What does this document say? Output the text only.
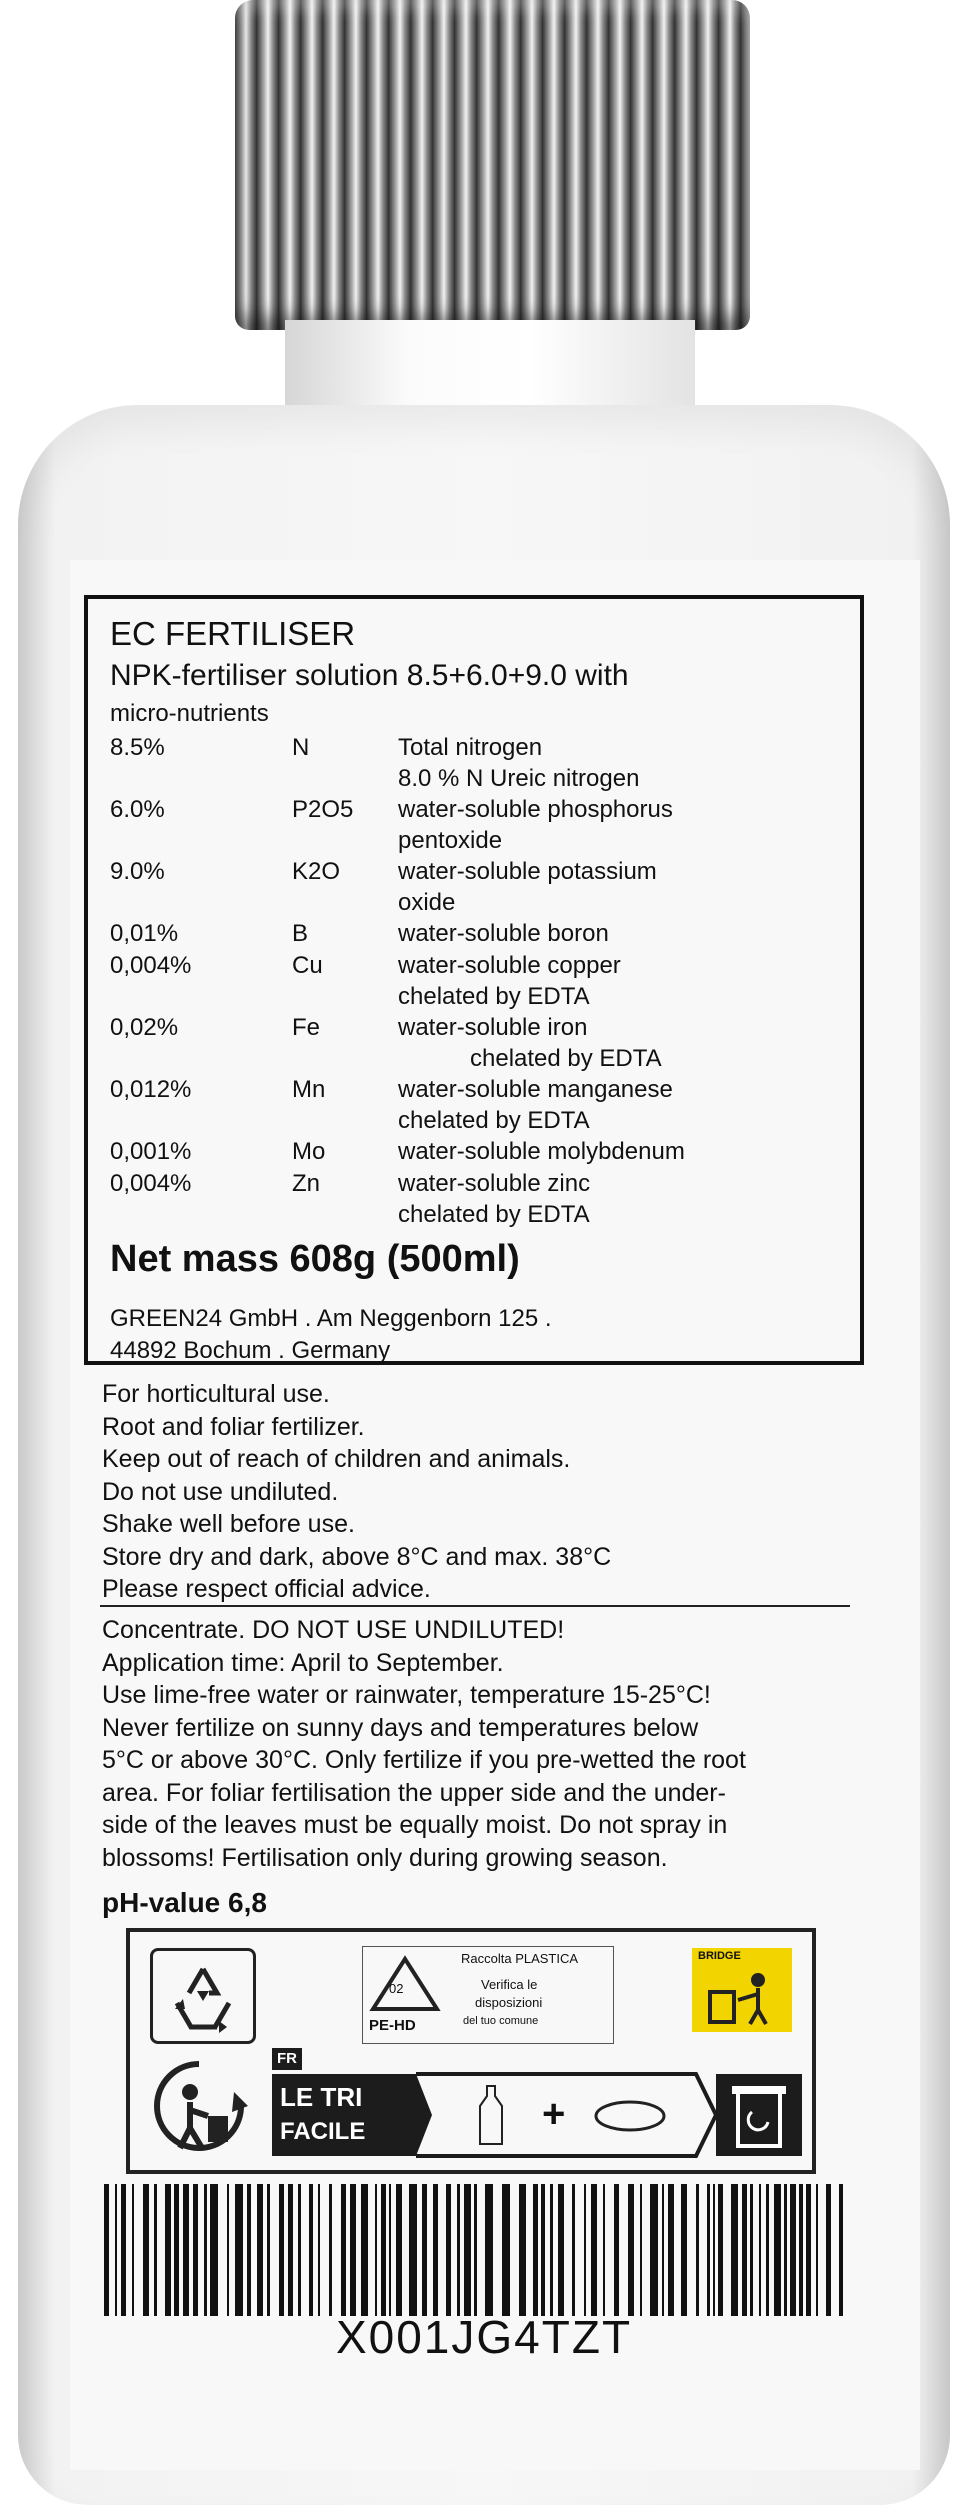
EC FERTILISER
NPK-fertiliser solution 8.5+6.0+9.0 with
micro-nutrients
8.5%	N	Total nitrogen
8.0 % N Ureic nitrogen
6.0%	P2O5 water-soluble phosphorus
pentoxide
9.0%	K2O water-soluble potassium
oxide
0,01%	B	water-soluble boron
0,004%	Cu	water-soluble copper
chelated by EDTA
0,02%	Fe	water-soluble iron
chelated by EDTA
0,012%	Mn	water-soluble manganese
chelated by EDTA
0,001%	Mo	water-soluble molybdenum
0,004%	Zn	water-soluble zinc
chelated by EDTA
Net mass 608g (500ml)
GREEN24 GmbH . Am Neggenborn 125 .
44892 Bochum . Germany
For horticultural use.
Root and foliar fertilizer.
Keep out of reach of children and animals.
Do not use undiluted.
Shake well before use.
Store dry and dark, above 8°C and max. 38°C
Please respect official advice.
Concentrate. DO NOT USE UNDILUTED!
Application time: April to September.
Use lime-free water or rainwater, temperature 15-25°C!
Never fertilize on sunny days and temperatures below
5°C or above 30°C. Only fertilize if you pre-wetted the root
area. For foliar fertilisation the upper side and the under-
side of the leaves must be equally moist. Do not spray in
blossoms! Fertilisation only during growing season.
pH-value 6,8
02
PE-HD
Raccolta PLASTICA
Verifica le
disposizioni
del tuo comune
BRIDGE
FR
LE TRI
FACILE	+
X001JG4TZT
